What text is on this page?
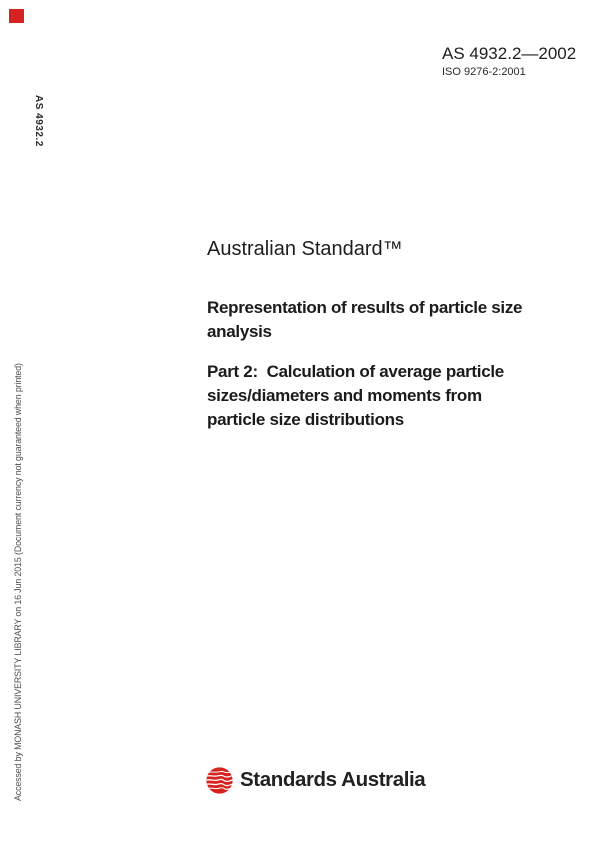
AS 4932.2—2002
ISO 9276-2:2001
AS 4932.2
Accessed by MONASH UNIVERSITY LIBRARY on 16 Jun 2015 (Document currency not guaranteed when printed)
Australian Standard™
Representation of results of particle size
analysis
Part 2:  Calculation of average particle
sizes/diameters and moments from
particle size distributions
Standards Australia
